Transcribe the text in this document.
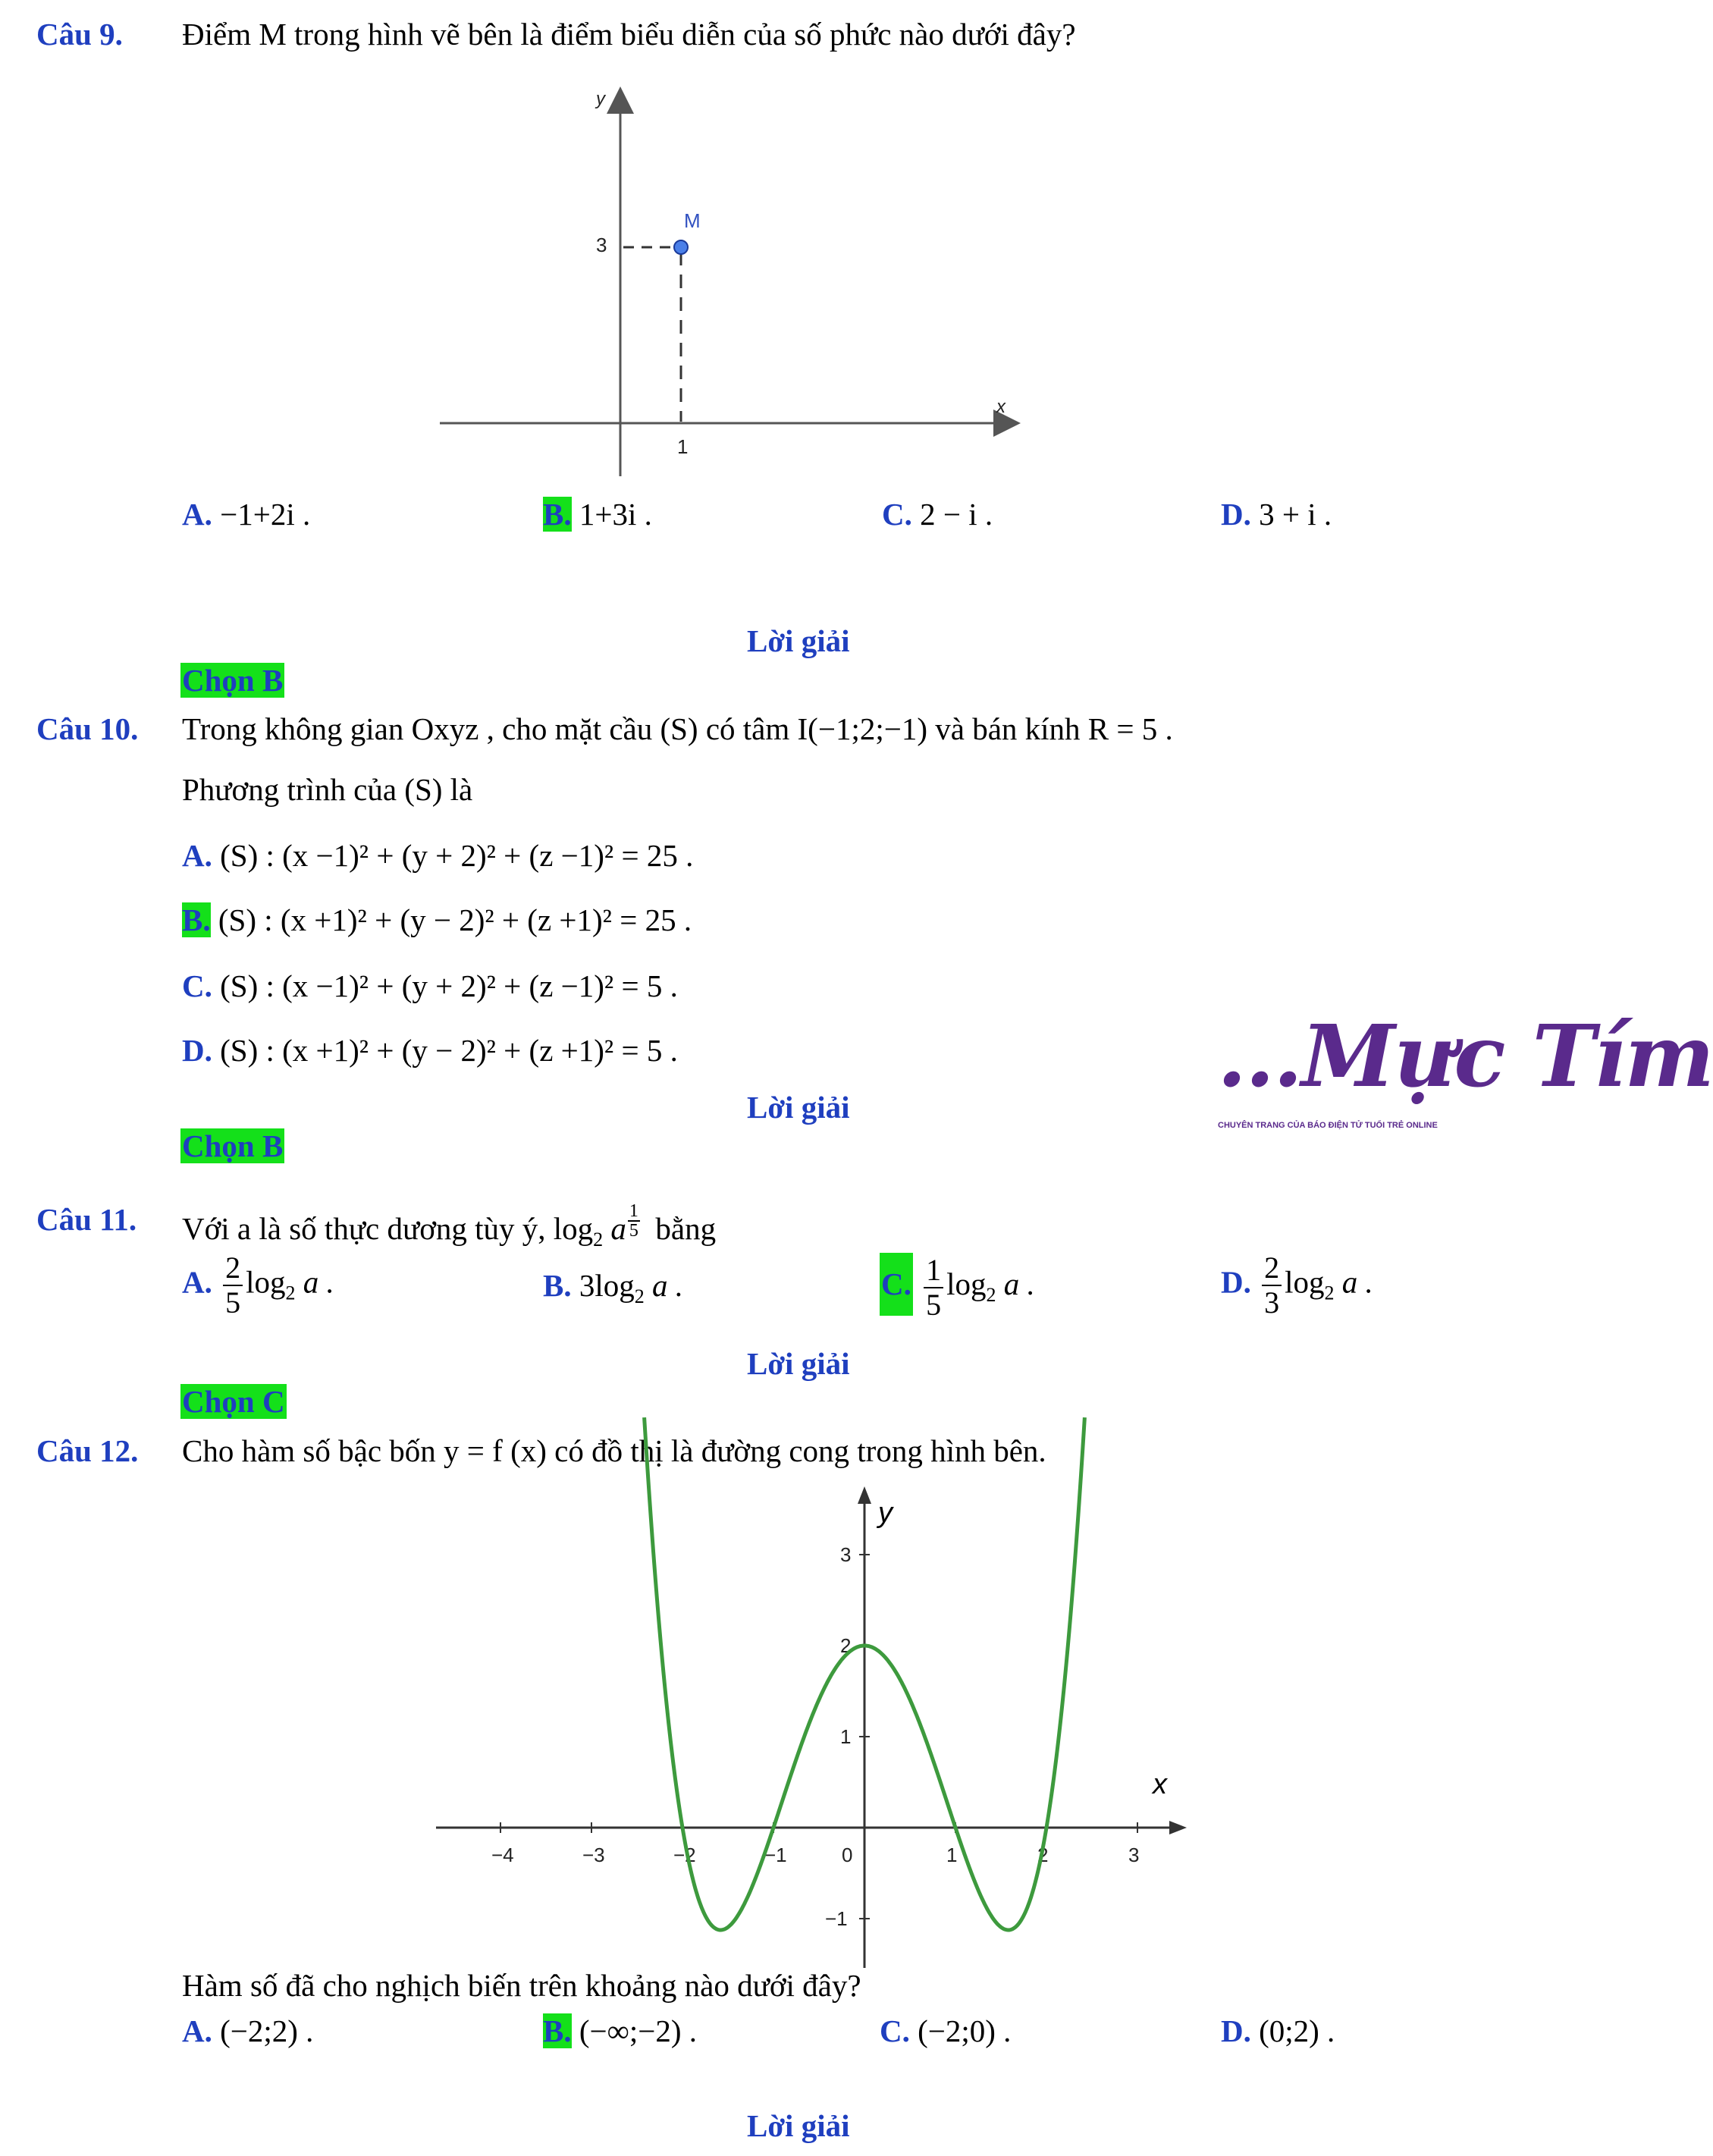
Câu 9. Điểm M trong hình vẽ bên là điểm biểu diễn của số phức nào dưới đây?
M
3
1
y
x
A. −1+2i .	B. 1+3i .	C. 2 − i .	D. 3 + i .
Lời giải
Chọn B
Câu 10. Trong không gian Oxyz , cho mặt cầu (S) có tâm I(−1;2;−1) và bán kính R = 5 .
Phương trình của (S) là
A. (S) : (x −1)² + (y + 2)² + (z −1)² = 25 .
B. (S) : (x +1)² + (y − 2)² + (z +1)² = 25 .
C. (S) : (x −1)² + (y + 2)² + (z −1)² = 5 .
D. (S) : (x +1)² + (y − 2)² + (z +1)² = 5 .
Lời giải
Chọn B
...Mực Tím
CHUYÊN TRANG CỦA BÁO ĐIỆN TỬ TUỔI TRẺ ONLINE
Câu 11. Với a là số thực dương tùy ý, $\log_2 a \frac{1}{5}$ bằng
A. $\frac{2}{5} \log_2 a$ .	B. $3\log_2$ a .	C. $\frac{1}{5} \log_2 a$ .	D. $\frac{2}{3} \log_2 a$ .
Lời giải
Chọn C
Câu 12. Cho hàm số bậc bốn y = f (x) có đồ thị là đường cong trong hình bên.
x
y
−4	−3	−2	−1	0	1	2	3
−1
1
2
3
Hàm số đã cho nghịch biến trên khoảng nào dưới đây?
A. (−2;2) .	B. (−∞;−2) .	C. (−2;0) .	D. (0;2) .
Lời giải
